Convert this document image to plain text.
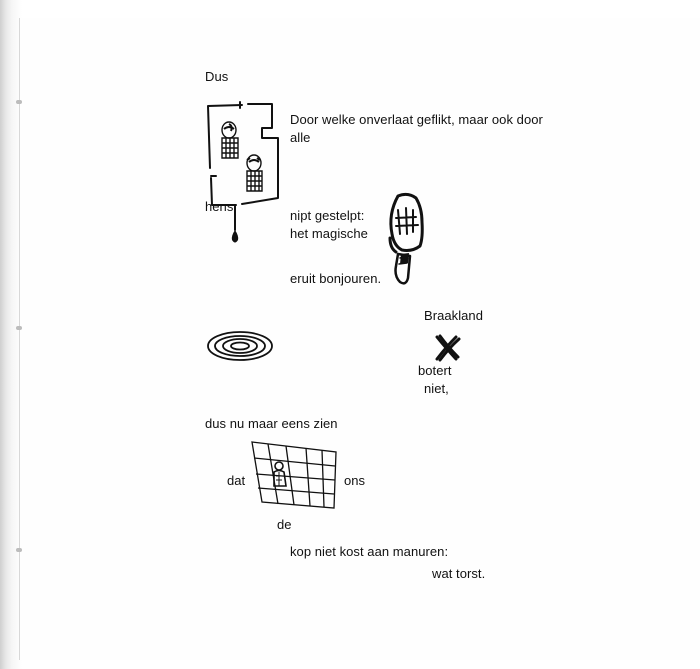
Dus
Door welke onverlaat geflikt, maar ook door
alle
hens
nipt gestelpt:
het magische
eruit bonjouren.
Braakland
botert
niet,
dus nu maar eens zien
dat	ons
de
kop niet kost aan manuren:
wat torst.
